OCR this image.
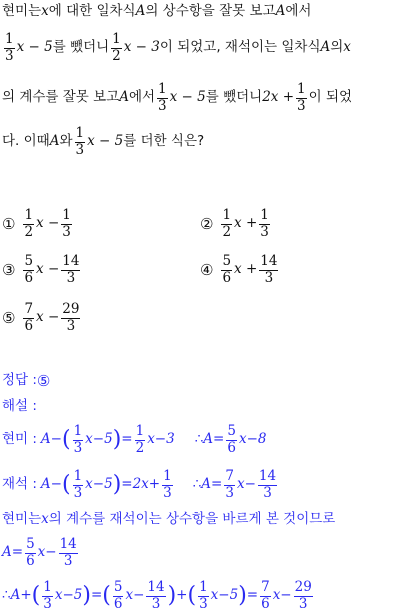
현미는 x 에 대한 일차식 A 의 상수항을 잘못 보고 A 에서
$\frac{1}{3}$ x − 5 를 뺐더니 $\frac{1}{2}$ x − 3 이 되었고, 재석이는 일차식 A 의 x
의 계수를 잘못 보고 A 에서 $\frac{1}{3}$ x − 5 를 뺐더니 $2x + \frac{1}{3}$ 이 되었
다. 이때 A 와 $\frac{1}{3}$ x − 5 를 더한 식은?
① $\frac{1}{2}$ $x - \frac{1}{3}$	② $\frac{1}{2}$ $x + \frac{1}{3}$
③ $\frac{5}{6}$ $x - \frac{14}{3}$	④ $\frac{5}{6}$ $x + \frac{14}{3}$
⑤ $\frac{7}{6}$ $x - \frac{29}{3}$
정답 : ⑤
해설 :
현미 : A − ( $\frac{1}{3} x-5$ ) = $\frac{1}{2} x-3$ ∴ $A = \frac{5}{6} x-8$
재석 : A − ( $\frac{1}{3} x-5$ ) = $2x+ \frac{1}{3}$ ∴ $A = \frac{7}{3} x- \frac{14}{3}$
현미는 x 의 계수를 재석이는 상수항을 바르게 본 것이므로
$A = \frac{5}{6} x- \frac{14}{3}$
∴ A + ( $\frac{1}{3} x-5$ ) = ( $\frac{5}{6} x- \frac{14}{3}$ ) + ( $\frac{1}{3} x-5$ ) = $\frac{7}{6} x- \frac{29}{3}$
